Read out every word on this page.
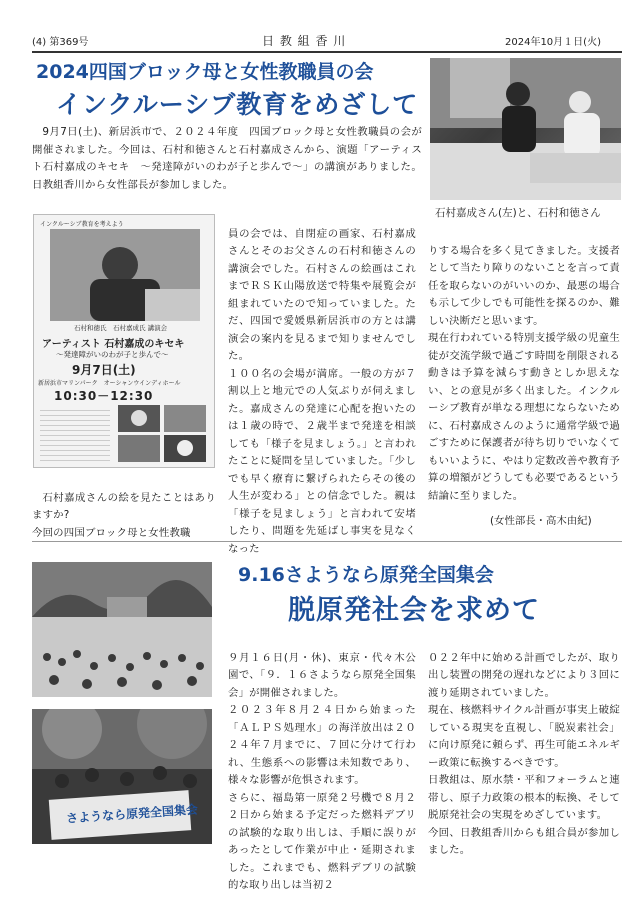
(4) 第369号	日 教 組 香 川	2024年10月１日(火)
2024四国ブロック母と女性教職員の会
インクルーシブ教育をめざして

9月7日(土)、新居浜市で、２０２４年度　四国ブロック母と女性教職員の会が開催されました。今回は、石村和徳さんと石村嘉成さんから、演題「アーティスト石村嘉成のキセキ　～発達障がいのわが子と歩んで～」の講演がありました。日教組香川から女性部長が参加しました。

石村嘉成さん(左)と、石村和徳さん
インクルーシブ教育を考えよう
石村和徳氏　石村嘉成氏 講演会
アーティスト 石村嘉成のキセキ
～発達障がいのわが子と歩んで～
9月7日(土)
新居浜市マリンパーク　オーシャンウインディホール
10:30－12:30

石村嘉成さんの絵を見たことはありますか?
今回の四国ブロック母と女性教職

員の会では、自閉症の画家、石村嘉成さんとそのお父さんの石村和徳さんの講演会でした。石村さんの絵画はこれまでＲＳＫ山陽放送で特集や展覧会が組まれていたので知っていました。ただ、四国で愛媛県新居浜市の方とは講演会の案内を見るまで知りませんでした。
１００名の会場が満席。一般の方が７割以上と地元での人気ぶりが伺えました。嘉成さんの発達に心配を抱いたのは１歳の時で、２歳半まで発達を相談しても「様子を見ましょう。」と言われたことに疑問を呈していました。「少しでも早く療育に繋げられたらその後の人生が変わる」との信念でした。親は「様子を見ましょう」と言われて安堵したり、問題を先延ばし事実を見なくなった

りする場合を多く見てきました。支援者として当たり障りのないことを言って責任を取らないのがいいのか、最悪の場合も示して少しでも可能性を探るのか、難しい決断だと思います。
現在行われている特別支援学級の児童生徒が交流学級で過ごす時間を削限される動きは予算を減らす動きとしか思えない、との意見が多く出ました。インクルーシブ教育が単なる理想にならないために、石村嘉成さんのように通常学級で過ごすために保護者が待ち切りでいなくてもいいように、やはり定数改善や教育予算の増額がどうしても必要であるという結論に至りました。

(女性部長・高木由紀)
さようなら原発全国集会
9.16さようなら原発全国集会
脱原発社会を求めて

９月１６日(月・休)、東京・代々木公園で、「９．１６さようなら原発全国集会」が開催されました。
２０２３年８月２４日から始まった「ＡＬＰＳ処理水」の海洋放出は２０２４年７月までに、７回に分けて行われ、生態系への影響は未知数であり、様々な影響が危惧されます。
さらに、福島第一原発２号機で８月２２日から始まる予定だった燃料デブリの試験的な取り出しは、手順に誤りがあったとして作業が中止・延期されました。これまでも、燃料デブリの試験的な取り出しは当初２

０２２年中に始める計画でしたが、取り出し装置の開発の遅れなどにより３回に渡り延期されていました。
現在、核燃料サイクル計画が事実上破綻している現実を直視し、「脱炭素社会」に向け原発に頼らず、再生可能エネルギー政策に転換するべきです。
日教組は、原水禁・平和フォーラムと連帯し、原子力政策の根本的転換、そして脱原発社会の実現をめざしています。
今回、日教組香川からも組合員が参加しました。
